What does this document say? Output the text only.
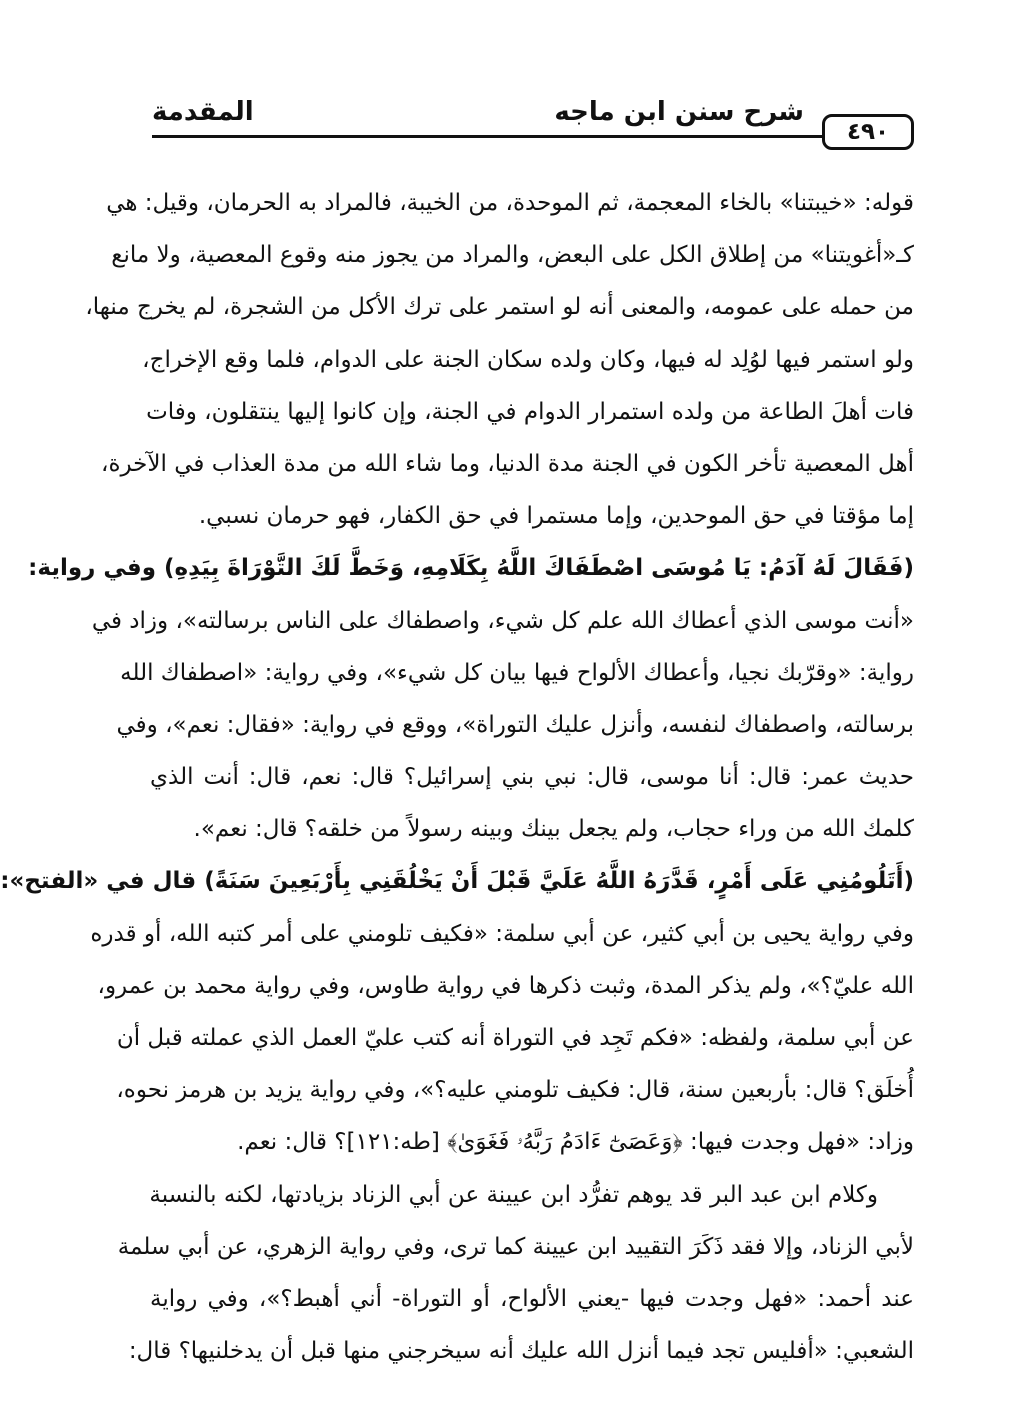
٤٩٠
شرح سنن ابن ماجه
المقدمة
قوله: «خيبتنا» بالخاء المعجمة، ثم الموحدة، من الخيبة، فالمراد به الحرمان، وقيل: هي
كـ«أغويتنا» من إطلاق الكل على البعض، والمراد من يجوز منه وقوع المعصية، ولا مانع
من حمله على عمومه، والمعنى أنه لو استمر على ترك الأكل من الشجرة، لم يخرج منها،
ولو استمر فيها لوُلِد له فيها، وكان ولده سكان الجنة على الدوام، فلما وقع الإخراج،
فات أهلَ الطاعة من ولده استمرار الدوام في الجنة، وإن كانوا إليها ينتقلون، وفات
أهل المعصية تأخر الكون في الجنة مدة الدنيا، وما شاء الله من مدة العذاب في الآخرة،
إما مؤقتا في حق الموحدين، وإما مستمرا في حق الكفار، فهو حرمان نسبي.
(فَقَالَ لَهُ آدَمُ: يَا مُوسَى اصْطَفَاكَ اللَّهُ بِكَلَامِهِ، وَخَطَّ لَكَ التَّوْرَاةَ بِيَدِهِ) وفي رواية:
«أنت موسى الذي أعطاك الله علم كل شيء، واصطفاك على الناس برسالته»، وزاد في
رواية: «وقرّبك نجيا، وأعطاك الألواح فيها بيان كل شيء»، وفي رواية: «اصطفاك الله
برسالته، واصطفاك لنفسه، وأنزل عليك التوراة»، ووقع في رواية: «فقال: نعم»، وفي
حديث عمر: قال: أنا موسى، قال: نبي بني إسرائيل؟ قال: نعم، قال: أنت الذي
كلمك الله من وراء حجاب، ولم يجعل بينك وبينه رسولاً من خلقه؟ قال: نعم».
(أَتَلُومُنِي عَلَى أَمْرٍ، قَدَّرَهُ اللَّهُ عَلَيَّ قَبْلَ أَنْ يَخْلُقَنِي بِأَرْبَعِينَ سَنَةً) قال في «الفتح»:
وفي رواية يحيى بن أبي كثير، عن أبي سلمة: «فكيف تلومني على أمر كتبه الله، أو قدره
الله عليّ؟»، ولم يذكر المدة، وثبت ذكرها في رواية طاوس، وفي رواية محمد بن عمرو،
عن أبي سلمة، ولفظه: «فكم تَجِد في التوراة أنه كتب عليّ العمل الذي عملته قبل أن
أُخلَق؟ قال: بأربعين سنة، قال: فكيف تلومني عليه؟»، وفي رواية يزيد بن هرمز نحوه،
وزاد: «فهل وجدت فيها: ﴿وَعَصَىٰٓ ءَادَمُ رَبَّهُۥ فَغَوَىٰ﴾ [طه:١٢١]؟ قال: نعم.
وكلام ابن عبد البر قد يوهم تفرُّد ابن عيينة عن أبي الزناد بزيادتها، لكنه بالنسبة
لأبي الزناد، وإلا فقد ذَكَرَ التقييد ابن عيينة كما ترى، وفي رواية الزهري، عن أبي سلمة
عند أحمد: «فهل وجدت فيها -يعني الألواح، أو التوراة- أني أهبط؟»، وفي رواية
الشعبي: «أفليس تجد فيما أنزل الله عليك أنه سيخرجني منها قبل أن يدخلنيها؟ قال:
